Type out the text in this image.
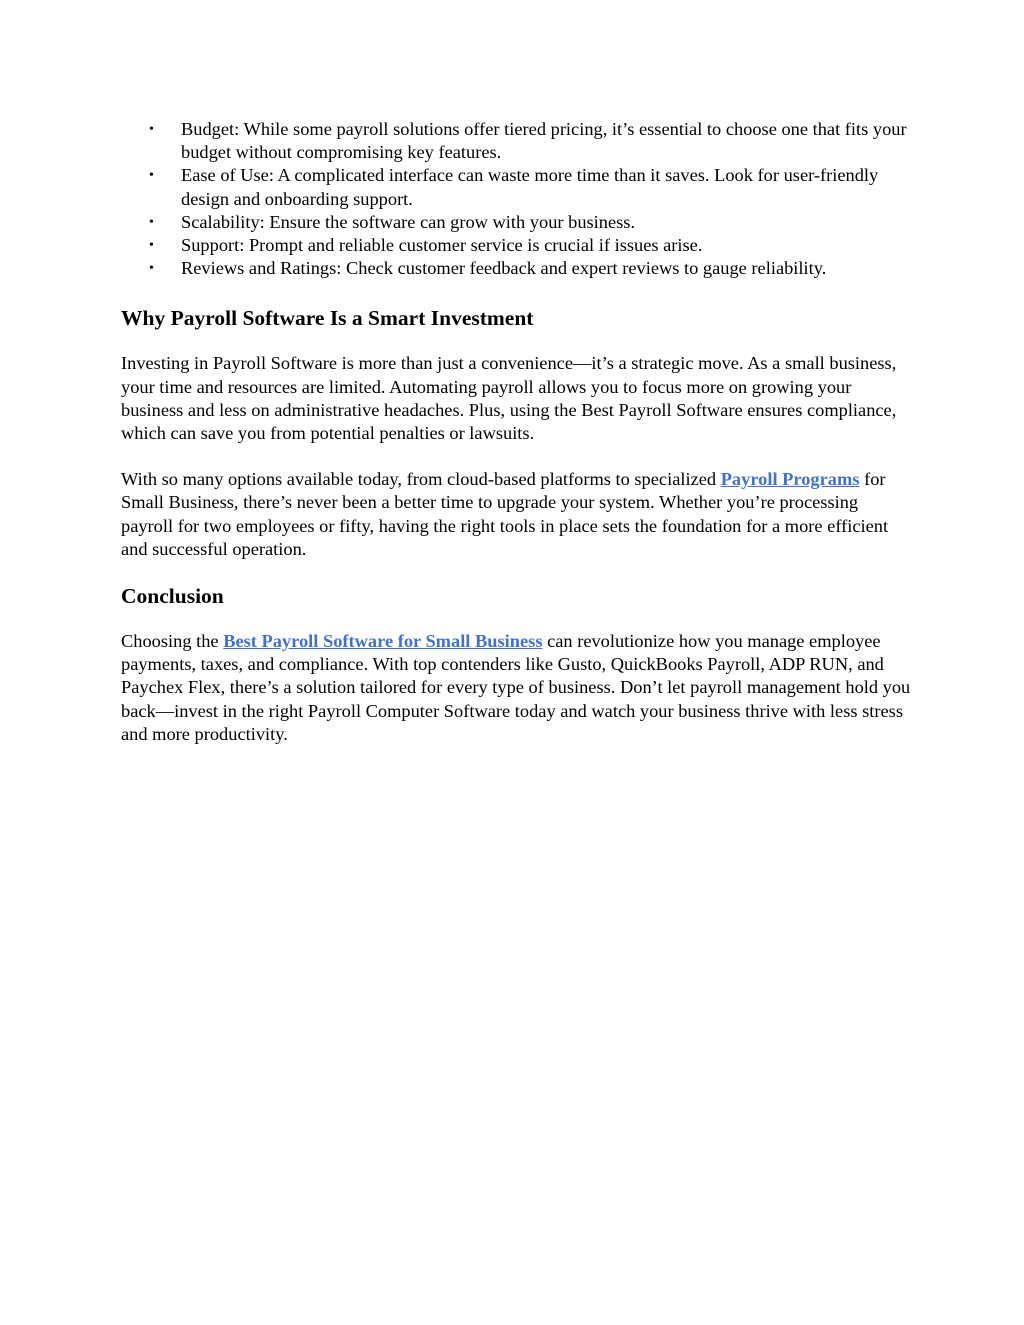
• Budget: While some payroll solutions offer tiered pricing, it’s essential to choose one that fits your budget without compromising key features.
• Ease of Use: A complicated interface can waste more time than it saves. Look for user-friendly design and onboarding support.
• Scalability: Ensure the software can grow with your business.
• Support: Prompt and reliable customer service is crucial if issues arise.
• Reviews and Ratings: Check customer feedback and expert reviews to gauge reliability.
Why Payroll Software Is a Smart Investment

Investing in Payroll Software is more than just a convenience—it’s a strategic move. As a small business, your time and resources are limited. Automating payroll allows you to focus more on growing your business and less on administrative headaches. Plus, using the Best Payroll Software ensures compliance, which can save you from potential penalties or lawsuits.

With so many options available today, from cloud-based platforms to specialized Payroll Programs for Small Business, there’s never been a better time to upgrade your system. Whether you’re processing payroll for two employees or fifty, having the right tools in place sets the foundation for a more efficient and successful operation.

Conclusion

Choosing the Best Payroll Software for Small Business can revolutionize how you manage employee payments, taxes, and compliance. With top contenders like Gusto, QuickBooks Payroll, ADP RUN, and Paychex Flex, there’s a solution tailored for every type of business. Don’t let payroll management hold you back—invest in the right Payroll Computer Software today and watch your business thrive with less stress and more productivity.
